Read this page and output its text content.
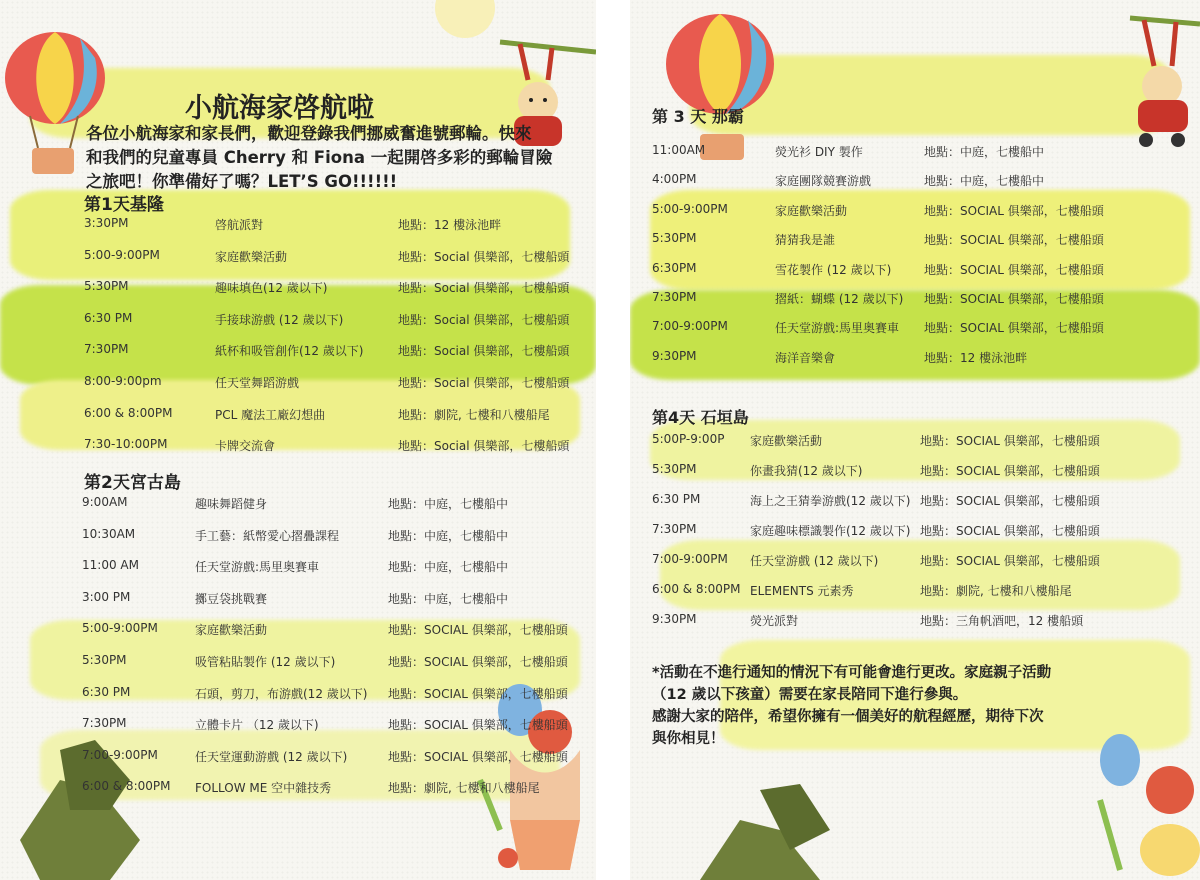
小航海家啓航啦
各位小航海家和家長們，歡迎登錄我們挪威奮進號郵輪。快來
和我們的兒童專員 Cherry 和 Fiona 一起開啓多彩的郵輪冒險
之旅吧！你準備好了嗎？LET’S GO!!!!!!
第1天基隆
3:30PM	啓航派對	地點：12 樓泳池畔
5:00-9:00PM	家庭歡樂活動	地點：Social 俱樂部，七樓船頭
5:30PM	趣味填色(12 歲以下)	地點：Social 俱樂部，七樓船頭
6:30 PM	手接球游戲 (12 歲以下)	地點：Social 俱樂部，七樓船頭
7:30PM	紙杯和吸管創作(12 歲以下)	地點：Social 俱樂部，七樓船頭
8:00-9:00pm	任天堂舞蹈游戲	地點：Social 俱樂部，七樓船頭
6:00 & 8:00PM	PCL 魔法工廠幻想曲	地點：劇院, 七樓和八樓船尾
7:30-10:00PM	卡牌交流會	地點：Social 俱樂部，七樓船頭
第2天宮古島
9:00AM	趣味舞蹈健身	地點：中庭，七樓船中
10:30AM	手工藝：紙幣愛心摺疊課程	地點：中庭，七樓船中
11:00 AM	任天堂游戲:馬里奥賽車	地點：中庭，七樓船中
3:00 PM	擲豆袋挑戰賽	地點：中庭，七樓船中
5:00-9:00PM	家庭歡樂活動	地點：SOCIAL 俱樂部，七樓船頭
5:30PM	吸管粘貼製作 (12 歲以下)	地點：SOCIAL 俱樂部，七樓船頭
6:30 PM	石頭，剪刀，布游戲(12 歲以下) 地點：SOCIAL 俱樂部，七樓船頭
7:30PM	立體卡片 （12 歲以下)	地點：SOCIAL 俱樂部，七樓船頭
7:00-9:00PM	任天堂運動游戲 (12 歲以下)	地點：SOCIAL 俱樂部，七樓船頭
6:00 & 8:00PM FOLLOW ME 空中雜技秀	地點：劇院, 七樓和八樓船尾
第 3 天 那霸
11:00AM	熒光衫 DIY 製作	地點：中庭，七樓船中
4:00PM	家庭團隊競賽游戲	地點：中庭，七樓船中
5:00-9:00PM	家庭歡樂活動	地點：SOCIAL 俱樂部，七樓船頭
5:30PM	猜猜我是誰	地點：SOCIAL 俱樂部，七樓船頭
6:30PM	雪花製作 (12 歲以下)	地點：SOCIAL 俱樂部，七樓船頭
7:30PM	摺紙：蝴蝶 (12 歲以下) 地點：SOCIAL 俱樂部，七樓船頭
7:00-9:00PM	任天堂游戲:馬里奥賽車 地點：SOCIAL 俱樂部，七樓船頭
9:30PM	海洋音樂會	地點：12 樓泳池畔
第4天 石垣島
5:00P-9:00P 家庭歡樂活動	地點：SOCIAL 俱樂部，七樓船頭
5:30PM	你畫我猜(12 歲以下)	地點：SOCIAL 俱樂部，七樓船頭
6:30 PM	海上之王猜拳游戲(12 歲以下) 地點：SOCIAL 俱樂部，七樓船頭
7:30PM	家庭趣味標識製作(12 歲以下) 地點：SOCIAL 俱樂部，七樓船頭
7:00-9:00PM 任天堂游戲 (12 歲以下)	地點：SOCIAL 俱樂部，七樓船頭
6:00 & 8:00PM ELEMENTS 元素秀	地點：劇院, 七樓和八樓船尾
9:30PM	熒光派對	地點：三角帆酒吧，12 樓船頭
*活動在不進行通知的情況下有可能會進行更改。家庭親子活動
（12 歲以下孩童）需要在家長陪同下進行參與。
感謝大家的陪伴，希望你擁有一個美好的航程經歷，期待下次
與你相見！
